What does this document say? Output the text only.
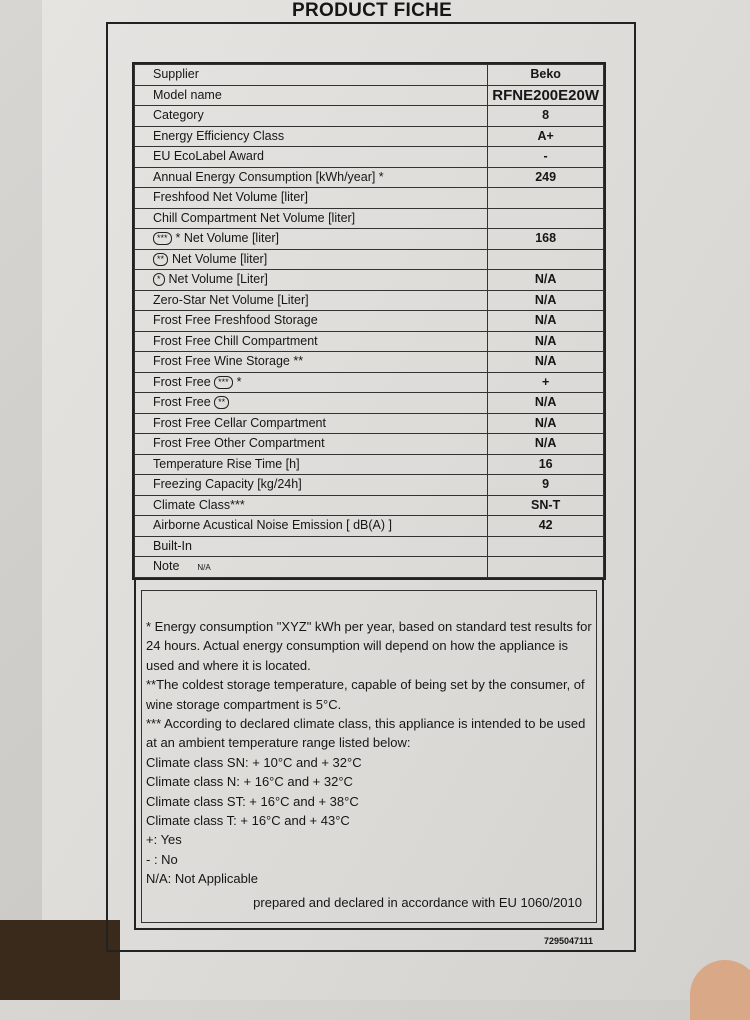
PRODUCT FICHE
Supplier	Beko
Model name	RFNE200E20W
Category	8
Energy Efficiency Class	A+
EU EcoLabel Award	-
Annual Energy Consumption [kWh/year] *	249
Freshfood Net Volume [liter]	
Chill Compartment Net Volume [liter]	
*** * Net Volume [liter]	168
** Net Volume [liter]	
* Net Volume [Liter]	N/A
Zero-Star Net Volume [Liter]	N/A
Frost Free Freshfood Storage	N/A
Frost Free Chill Compartment	N/A
Frost Free Wine Storage **	N/A
Frost Free *** *	+
Frost Free **	N/A
Frost Free Cellar Compartment	N/A
Frost Free Other Compartment	N/A
Temperature Rise Time [h]	16
Freezing Capacity [kg/24h]	9
Climate Class***	SN-T
Airborne Acustical Noise Emission [ dB(A) ]	42
Built-In	
Note N/A	
* Energy consumption "XYZ" kWh per year, based on standard test results for
24 hours. Actual energy consumption will depend on how the appliance is
used and where it is located.
**The coldest storage temperature, capable of being set by the consumer, of
wine storage compartment is 5°C.
*** According to declared climate class, this appliance is intended to be used
at an ambient temperature range listed below:
Climate class SN: + 10°C and + 32°C
Climate class N: + 16°C and + 32°C
Climate class ST: + 16°C and + 38°C
Climate class T: + 16°C and + 43°C
+: Yes
- : No
N/A: Not Applicable
prepared and declared in accordance with EU 1060/2010
7295047111
